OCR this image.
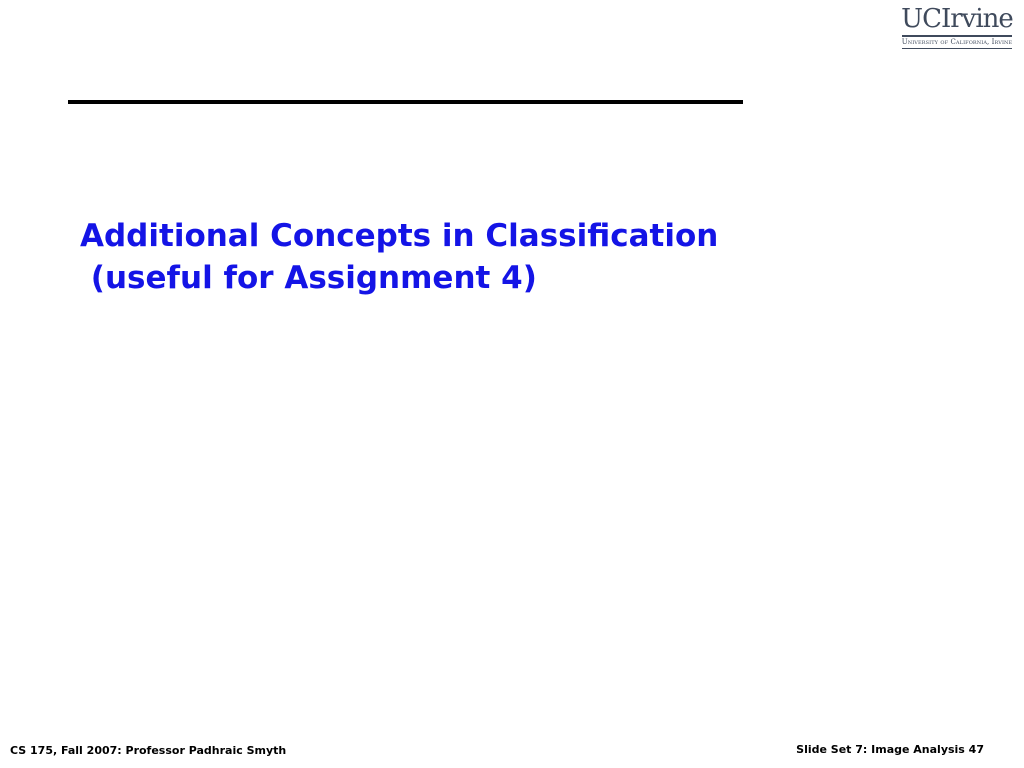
UCIrvine
University of California, Irvine
Additional Concepts in Classification
(useful for Assignment 4)
CS 175, Fall 2007: Professor Padhraic Smyth	Slide Set 7: Image Analysis 47
